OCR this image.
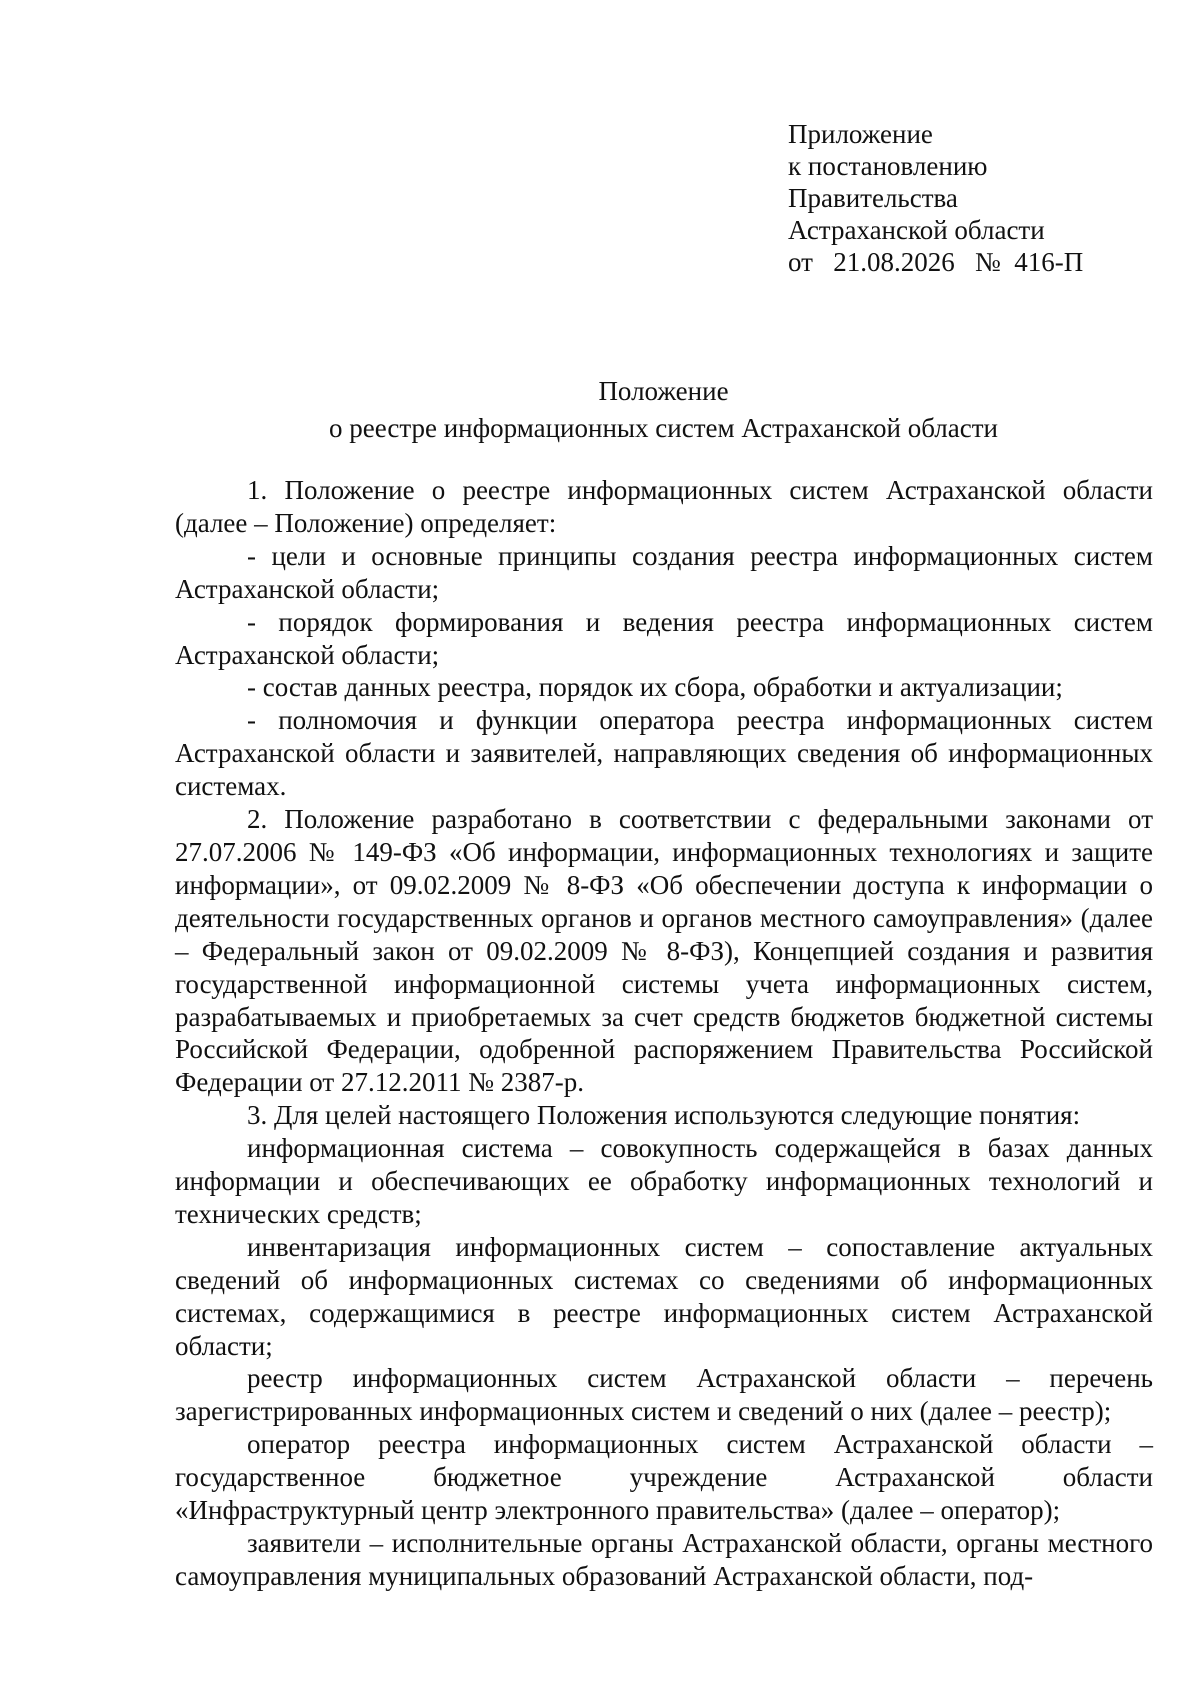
Приложение
к постановлению
Правительства
Астраханской области
от 21.08.2026 № 416-П
Положение
о реестре информационных систем Астраханской области

1. Положение о реестре информационных систем Астраханской области (далее – Положение) определяет:

- цели и основные принципы создания реестра информационных систем Астраханской области;

- порядок формирования и ведения реестра информационных систем Астраханской области;

- состав данных реестра, порядок их сбора, обработки и актуализации;

- полномочия и функции оператора реестра информационных систем Астраханской области и заявителей, направляющих сведения об информационных системах.

2. Положение разработано в соответствии с федеральными законами от 27.07.2006 № 149-ФЗ «Об информации, информационных технологиях и защите информации», от 09.02.2009 № 8-ФЗ «Об обеспечении доступа к информации о деятельности государственных органов и органов местного самоуправления» (далее – Федеральный закон от 09.02.2009 № 8-ФЗ), Концепцией создания и развития государственной информационной системы учета информационных систем, разрабатываемых и приобретаемых за счет средств бюджетов бюджетной системы Российской Федерации, одобренной распоряжением Правительства Российской Федерации от 27.12.2011 № 2387-р.

3. Для целей настоящего Положения используются следующие понятия:

информационная система – совокупность содержащейся в базах данных информации и обеспечивающих ее обработку информационных технологий и технических средств;

инвентаризация информационных систем – сопоставление актуальных сведений об информационных системах со сведениями об информационных системах, содержащимися в реестре информационных систем Астраханской области;

реестр информационных систем Астраханской области – перечень зарегистрированных информационных систем и сведений о них (далее – реестр);

оператор реестра информационных систем Астраханской области – государственное бюджетное учреждение Астраханской области «Инфраструктурный центр электронного правительства» (далее – оператор);

заявители – исполнительные органы Астраханской области, органы местного самоуправления муниципальных образований Астраханской области, под-
